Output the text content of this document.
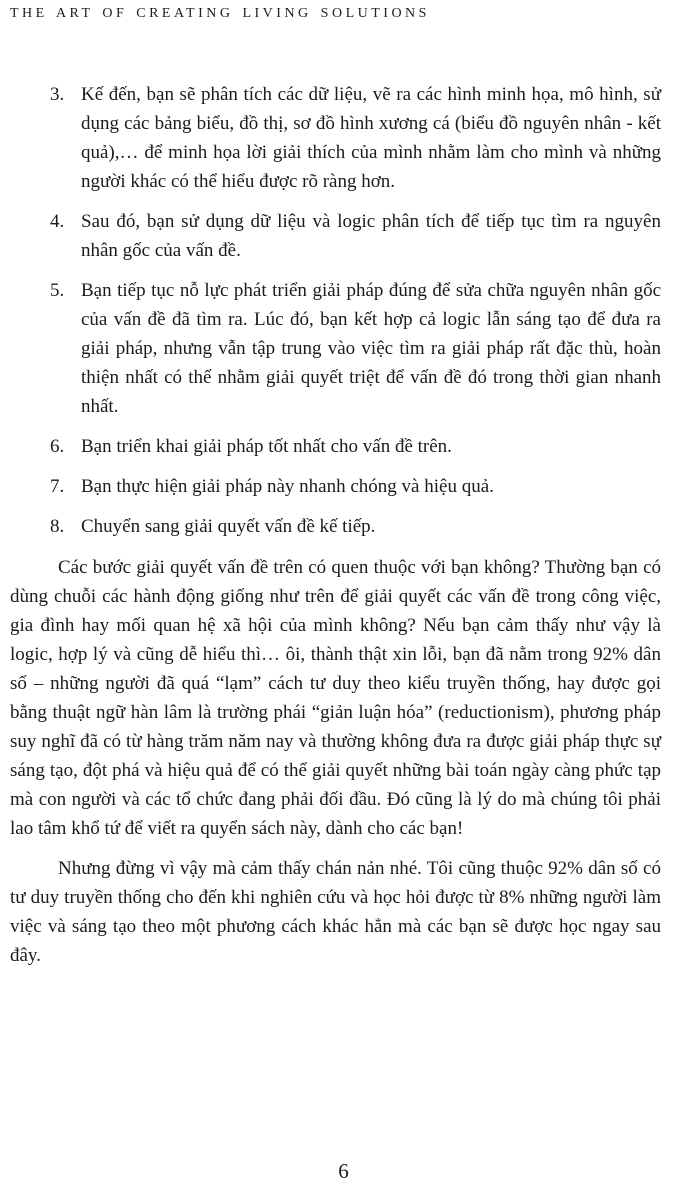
THE ART OF CREATING LIVING SOLUTIONS
3. Kế đến, bạn sẽ phân tích các dữ liệu, vẽ ra các hình minh họa, mô hình, sử dụng các bảng biểu, đồ thị, sơ đồ hình xương cá (biểu đồ nguyên nhân - kết quả),… để minh họa lời giải thích của mình nhằm làm cho mình và những người khác có thể hiểu được rõ ràng hơn.
4. Sau đó, bạn sử dụng dữ liệu và logic phân tích để tiếp tục tìm ra nguyên nhân gốc của vấn đề.
5. Bạn tiếp tục nỗ lực phát triển giải pháp đúng để sửa chữa nguyên nhân gốc của vấn đề đã tìm ra. Lúc đó, bạn kết hợp cả logic lẫn sáng tạo để đưa ra giải pháp, nhưng vẫn tập trung vào việc tìm ra giải pháp rất đặc thù, hoàn thiện nhất có thể nhằm giải quyết triệt để vấn đề đó trong thời gian nhanh nhất.
6. Bạn triển khai giải pháp tốt nhất cho vấn đề trên.
7. Bạn thực hiện giải pháp này nhanh chóng và hiệu quả.
8. Chuyển sang giải quyết vấn đề kế tiếp.

Các bước giải quyết vấn đề trên có quen thuộc với bạn không? Thường bạn có dùng chuỗi các hành động giống như trên để giải quyết các vấn đề trong công việc, gia đình hay mối quan hệ xã hội của mình không? Nếu bạn cảm thấy như vậy là logic, hợp lý và cũng dễ hiểu thì… ôi, thành thật xin lỗi, bạn đã nằm trong 92% dân số – những người đã quá “lạm” cách tư duy theo kiểu truyền thống, hay được gọi bằng thuật ngữ hàn lâm là trường phái “giản luận hóa” (reductionism), phương pháp suy nghĩ đã có từ hàng trăm năm nay và thường không đưa ra được giải pháp thực sự sáng tạo, đột phá và hiệu quả để có thể giải quyết những bài toán ngày càng phức tạp mà con người và các tổ chức đang phải đối đầu. Đó cũng là lý do mà chúng tôi phải lao tâm khổ tứ để viết ra quyển sách này, dành cho các bạn!

Nhưng đừng vì vậy mà cảm thấy chán nản nhé. Tôi cũng thuộc 92% dân số có tư duy truyền thống cho đến khi nghiên cứu và học hỏi được từ 8% những người làm việc và sáng tạo theo một phương cách khác hẳn mà các bạn sẽ được học ngay sau đây.

6
